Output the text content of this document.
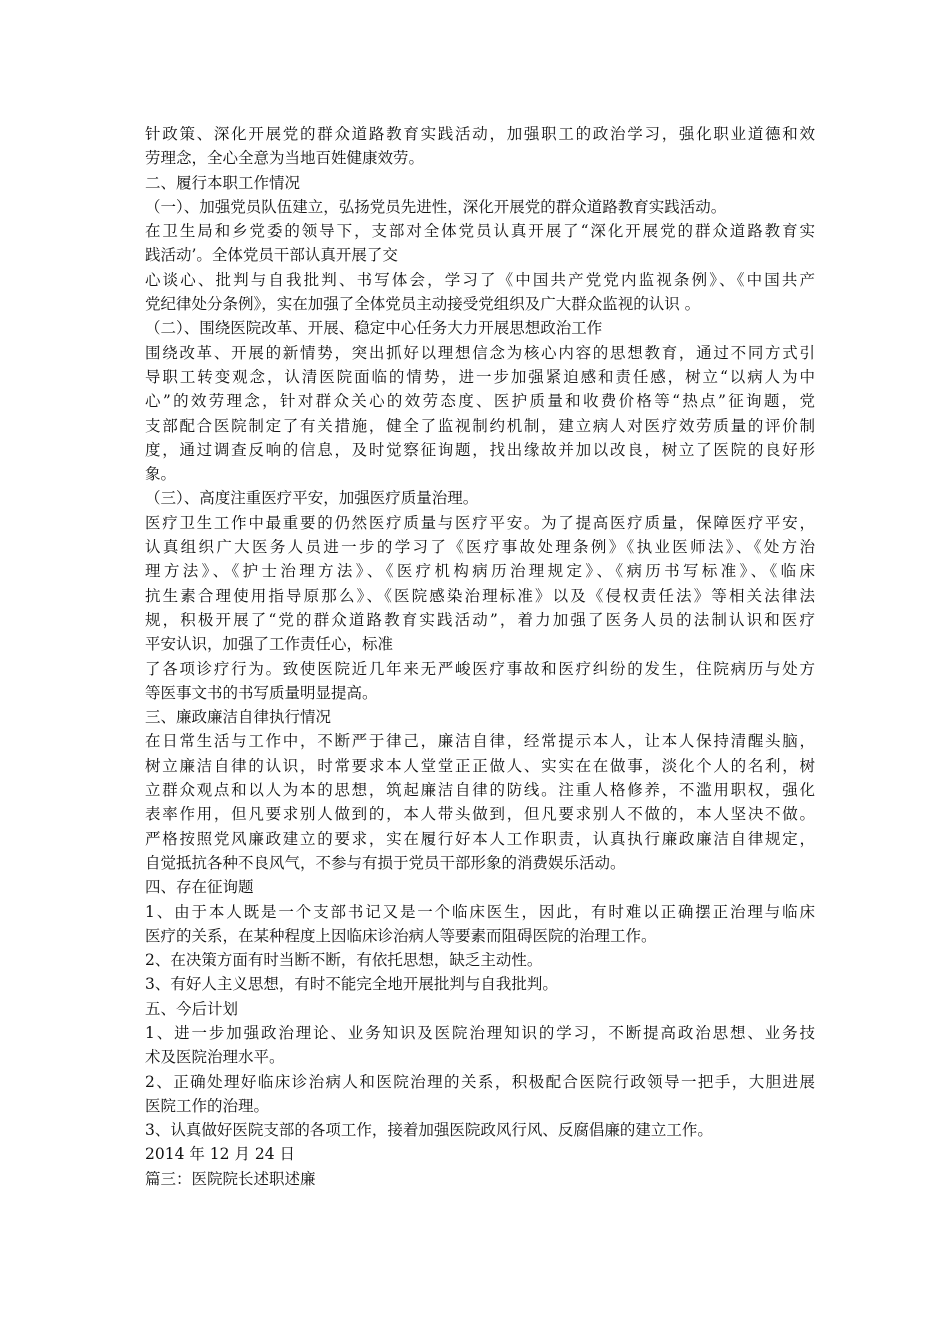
针政策、深化开展党的群众道路教育实践活动，加强职工的政治学习，强化职业道德和效
劳理念，全心全意为当地百姓健康效劳。
二、履行本职工作情况
（一）、加强党员队伍建立，弘扬党员先进性，深化开展党的群众道路教育实践活动。
在卫生局和乡党委的领导下，支部对全体党员认真开展了“深化开展党的群众道路教育实
践活动’。全体党员干部认真开展了交
心谈心、批判与自我批判、书写体会，学习了《中国共产党党内监视条例》、《中国共产
党纪律处分条例》，实在加强了全体党员主动接受党组织及广大群众监视的认识 。
（二）、围绕医院改革、开展、稳定中心任务大力开展思想政治工作
围绕改革、开展的新情势，突出抓好以理想信念为核心内容的思想教育，通过不同方式引
导职工转变观念，认清医院面临的情势，进一步加强紧迫感和责任感，树立“以病人为中
心”的效劳理念，针对群众关心的效劳态度、医护质量和收费价格等“热点”征询题，党
支部配合医院制定了有关措施，健全了监视制约机制，建立病人对医疗效劳质量的评价制
度，通过调查反响的信息，及时觉察征询题，找出缘故并加以改良，树立了医院的良好形
象。
（三）、高度注重医疗平安，加强医疗质量治理。
医疗卫生工作中最重要的仍然医疗质量与医疗平安。为了提高医疗质量，保障医疗平安，
认真组织广大医务人员进一步的学习了《医疗事故处理条例》《执业医师法》、《处方治
理方法》、《护士治理方法》、《医疗机构病历治理规定》、《病历书写标准》、《临床
抗生素合理使用指导原那么》、《医院感染治理标准》以及《侵权责任法》等相关法律法
规，积极开展了“党的群众道路教育实践活动”，着力加强了医务人员的法制认识和医疗
平安认识，加强了工作责任心，标准
了各项诊疗行为。致使医院近几年来无严峻医疗事故和医疗纠纷的发生，住院病历与处方
等医事文书的书写质量明显提高。
三、廉政廉洁自律执行情况
在日常生活与工作中，不断严于律己，廉洁自律，经常提示本人，让本人保持清醒头脑，
树立廉洁自律的认识，时常要求本人堂堂正正做人、实实在在做事，淡化个人的名利，树
立群众观点和以人为本的思想，筑起廉洁自律的防线。注重人格修养，不滥用职权，强化
表率作用，但凡要求别人做到的，本人带头做到，但凡要求别人不做的，本人坚决不做。
严格按照党风廉政建立的要求，实在履行好本人工作职责，认真执行廉政廉洁自律规定，
自觉抵抗各种不良风气，不参与有损于党员干部形象的消费娱乐活动。
四、存在征询题
1、由于本人既是一个支部书记又是一个临床医生，因此，有时难以正确摆正治理与临床
医疗的关系，在某种程度上因临床诊治病人等要素而阻碍医院的治理工作。
2、在决策方面有时当断不断，有依托思想，缺乏主动性。
3、有好人主义思想，有时不能完全地开展批判与自我批判。
五、今后计划
1、进一步加强政治理论、业务知识及医院治理知识的学习，不断提高政治思想、业务技
术及医院治理水平。
2、正确处理好临床诊治病人和医院治理的关系，积极配合医院行政领导一把手，大胆进展
医院工作的治理。
3、认真做好医院支部的各项工作，接着加强医院政风行风、反腐倡廉的建立工作。
2014 年 12 月 24 日
篇三：医院院长述职述廉
